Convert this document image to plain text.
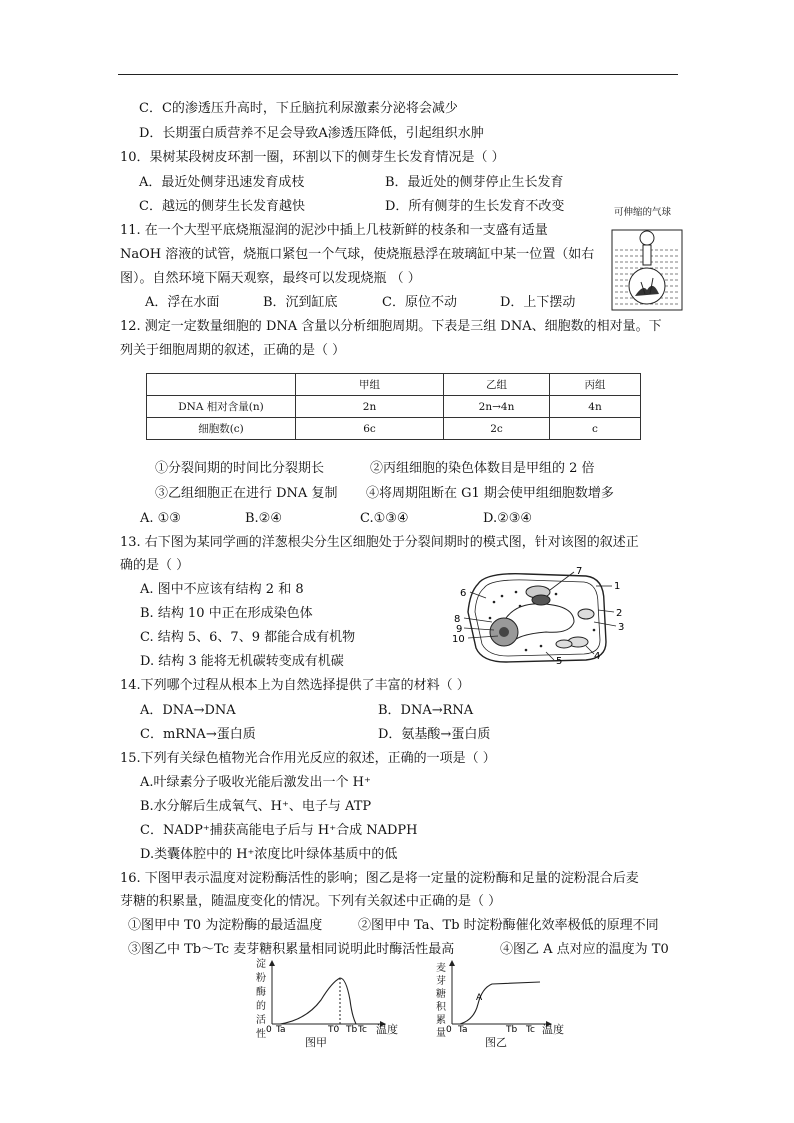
C．C的渗透压升高时，下丘脑抗利尿激素分泌将会减少
D．长期蛋白质营养不足会导致A渗透压降低，引起组织水肿
10．果树某段树皮环割一圈，环割以下的侧芽生长发育情况是（ ）
A．最近处侧芽迅速发育成枝	B．最近处的侧芽停止生长发育
C．越远的侧芽生长发育越快	D．所有侧芽的生长发育不改变
11. 在一个大型平底烧瓶湿润的泥沙中插上几枝新鲜的枝条和一支盛有适量
NaOH 溶液的试管，烧瓶口紧包一个气球，使烧瓶悬浮在玻璃缸中某一位置（如右
图）。自然环境下隔天观察，最终可以发现烧瓶 （ ）
A．浮在水面	B．沉到缸底	C．原位不动	D．上下摆动
可伸缩的气球
12. 测定一定数量细胞的 DNA 含量以分析细胞周期。下表是三组 DNA、细胞数的相对量。下
列关于细胞周期的叙述，正确的是（ ）
	甲组	乙组	丙组
DNA 相对含量(n)	2n	2n→4n	4n
细胞数(c)	6c	2c	c
①分裂间期的时间比分裂期长	②丙组细胞的染色体数目是甲组的 2 倍
③乙组细胞正在进行 DNA 复制 ④将周期阻断在 G1 期会使甲组细胞数增多
A. ①③	B.②④	C.①③④	D.②③④
13. 右下图为某同学画的洋葱根尖分生区细胞处于分裂间期时的模式图，针对该图的叙述正
确的是（ ）
A. 图中不应该有结构 2 和 8
B. 结构 10 中正在形成染色体
C. 结构 5、6、7、9 都能合成有机物
D. 结构 3 能将无机碳转变成有机碳
7
1
6
2
8
3
9
10
4
5
14.下列哪个过程从根本上为自然选择提供了丰富的材料（ ）
A．DNA→DNA	B．DNA→RNA
C．mRNA→蛋白质	D．氨基酸→蛋白质
15.下列有关绿色植物光合作用光反应的叙述，正确的一项是（ ）
A.叶绿素分子吸收光能后激发出一个 H⁺
B.水分解后生成氧气、H⁺、电子与 ATP
C．NADP⁺捕获高能电子后与 H⁺合成 NADPH
D.类囊体腔中的 H⁺浓度比叶绿体基质中的低
16. 下图甲表示温度对淀粉酶活性的影响；图乙是将一定量的淀粉酶和足量的淀粉混合后麦
芽糖的积累量，随温度变化的情况。下列有关叙述中正确的是（ ）
①图甲中 T0 为淀粉酶的最适温度	②图甲中 Ta、Tb 时淀粉酶催化效率极低的原理不同
③图乙中 Tb～Tc 麦芽糖积累量相同说明此时酶活性最高	④图乙 A 点对应的温度为 T0
淀粉酶的活性 0 Ta	T0 Tb Tc 温度
图甲
麦芽糖积累量
A
0 Ta	Tb Tc 温度
图乙
